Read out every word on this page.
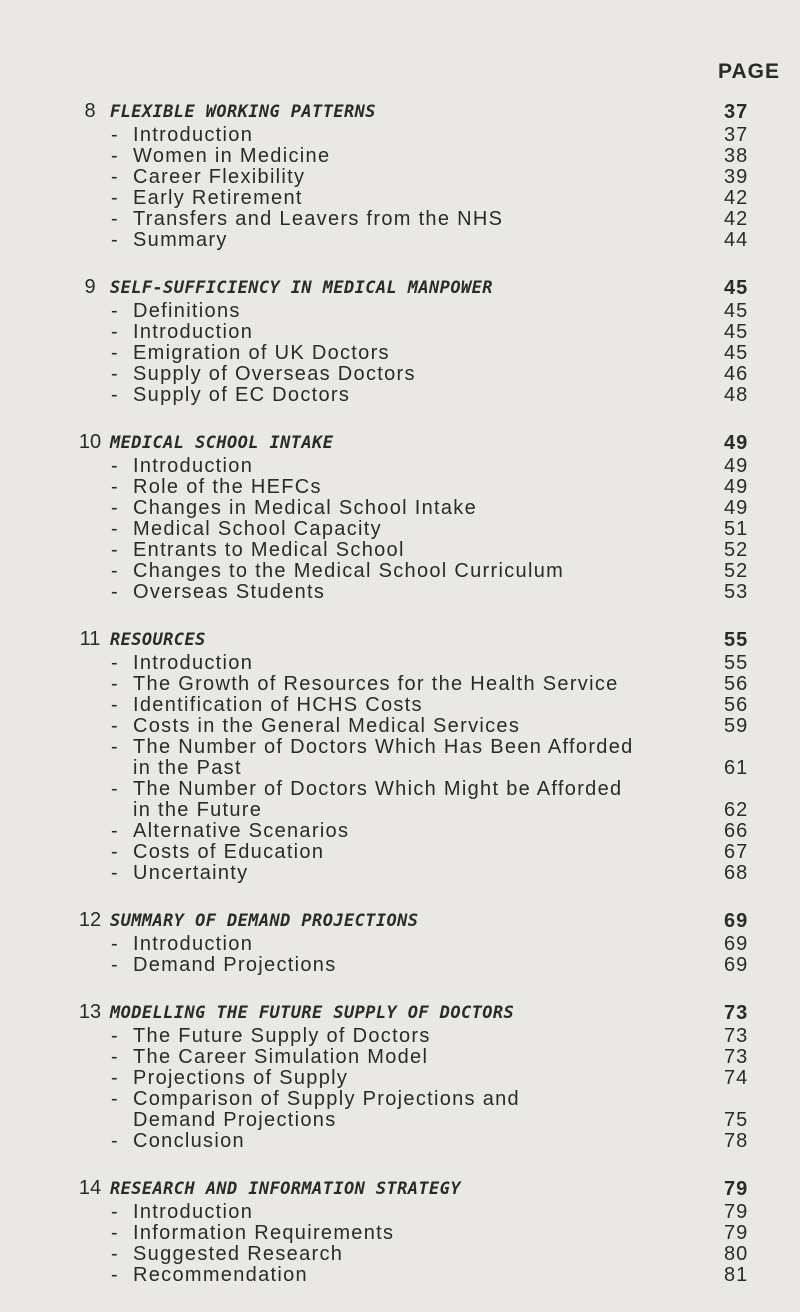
PAGE
8 FLEXIBLE WORKING PATTERNS	37
- Introduction	37
- Women in Medicine	38
- Career Flexibility	39
- Early Retirement	42
- Transfers and Leavers from the NHS	42
- Summary	44
9 SELF-SUFFICIENCY IN MEDICAL MANPOWER	45
- Definitions	45
- Introduction	45
- Emigration of UK Doctors	45
- Supply of Overseas Doctors	46
- Supply of EC Doctors	48
10 MEDICAL SCHOOL INTAKE	49
- Introduction	49
- Role of the HEFCs	49
- Changes in Medical School Intake	49
- Medical School Capacity	51
- Entrants to Medical School	52
- Changes to the Medical School Curriculum	52
- Overseas Students	53
11 RESOURCES	55
- Introduction	55
- The Growth of Resources for the Health Service	56
- Identification of HCHS Costs	56
- Costs in the General Medical Services	59
- The Number of Doctors Which Has Been Afforded
in the Past	61
- The Number of Doctors Which Might be Afforded
in the Future	62
- Alternative Scenarios	66
- Costs of Education	67
- Uncertainty	68
12 SUMMARY OF DEMAND PROJECTIONS	69
- Introduction	69
- Demand Projections	69
13 MODELLING THE FUTURE SUPPLY OF DOCTORS	73
- The Future Supply of Doctors	73
- The Career Simulation Model	73
- Projections of Supply	74
- Comparison of Supply Projections and
Demand Projections	75
- Conclusion	78
14 RESEARCH AND INFORMATION STRATEGY	79
- Introduction	79
- Information Requirements	79
- Suggested Research	80
- Recommendation	81
